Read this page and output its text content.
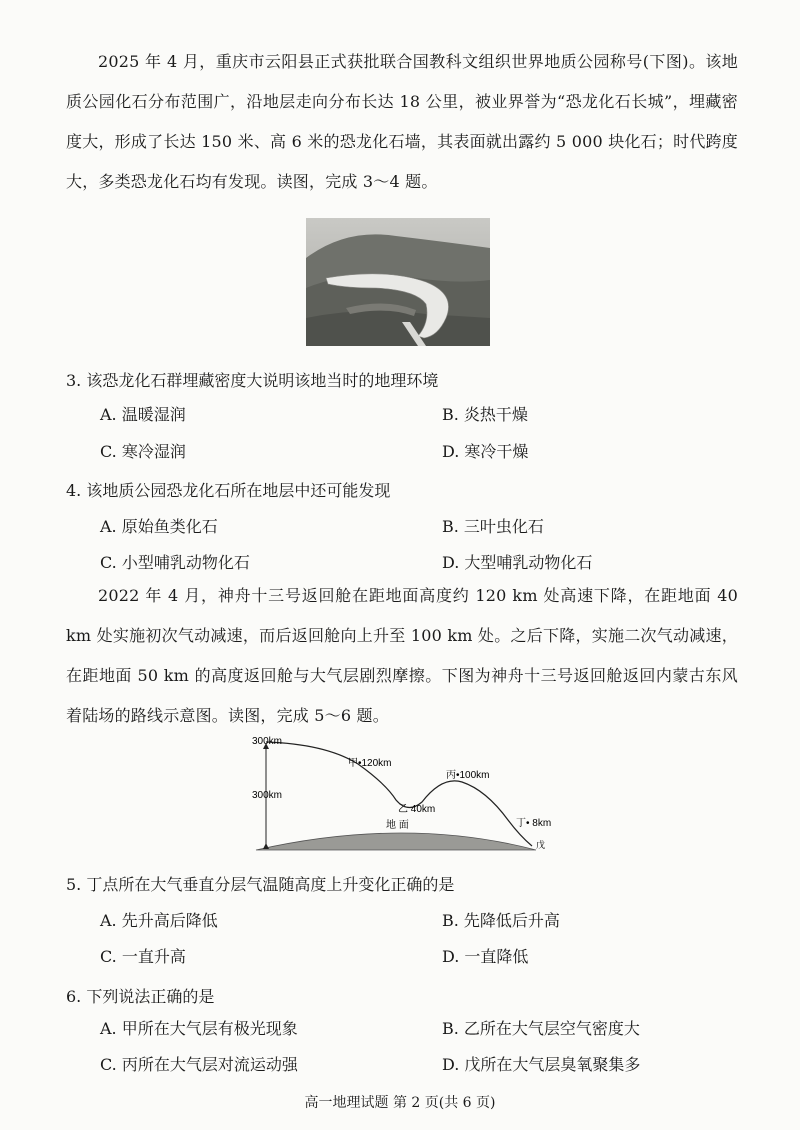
2025 年 4 月，重庆市云阳县正式获批联合国教科文组织世界地质公园称号(下图)。该地质公园化石分布范围广，沿地层走向分布长达 18 公里，被业界誉为“恐龙化石长城”，埋藏密度大，形成了长达 150 米、高 6 米的恐龙化石墙，其表面就出露约 5 000 块化石；时代跨度大，多类恐龙化石均有发现。读图，完成 3～4 题。

3. 该恐龙化石群埋藏密度大说明该地当时的地理环境

A. 温暖湿润	B. 炎热干燥

C. 寒冷湿润	D. 寒冷干燥

4. 该地质公园恐龙化石所在地层中还可能发现

A. 原始鱼类化石	B. 三叶虫化石

C. 小型哺乳动物化石	D. 大型哺乳动物化石

2022 年 4 月，神舟十三号返回舱在距地面高度约 120 km 处高速下降，在距地面 40 km 处实施初次气动减速，而后返回舱向上升至 100 km 处。之后下降，实施二次气动减速，在距地面 50 km 的高度返回舱与大气层剧烈摩擦。下图为神舟十三号返回舱返回内蒙古东风着陆场的路线示意图。读图，完成 5～6 题。

300km
300km
甲•120km
乙 40km
丙•100km
丁• 8km
戊
地 面

5. 丁点所在大气垂直分层气温随高度上升变化正确的是

A. 先升高后降低	B. 先降低后升高

C. 一直升高	D. 一直降低

6. 下列说法正确的是

A. 甲所在大气层有极光现象	B. 乙所在大气层空气密度大

C. 丙所在大气层对流运动强	D. 戊所在大气层臭氧聚集多

高一地理试题 第 2 页(共 6 页)
